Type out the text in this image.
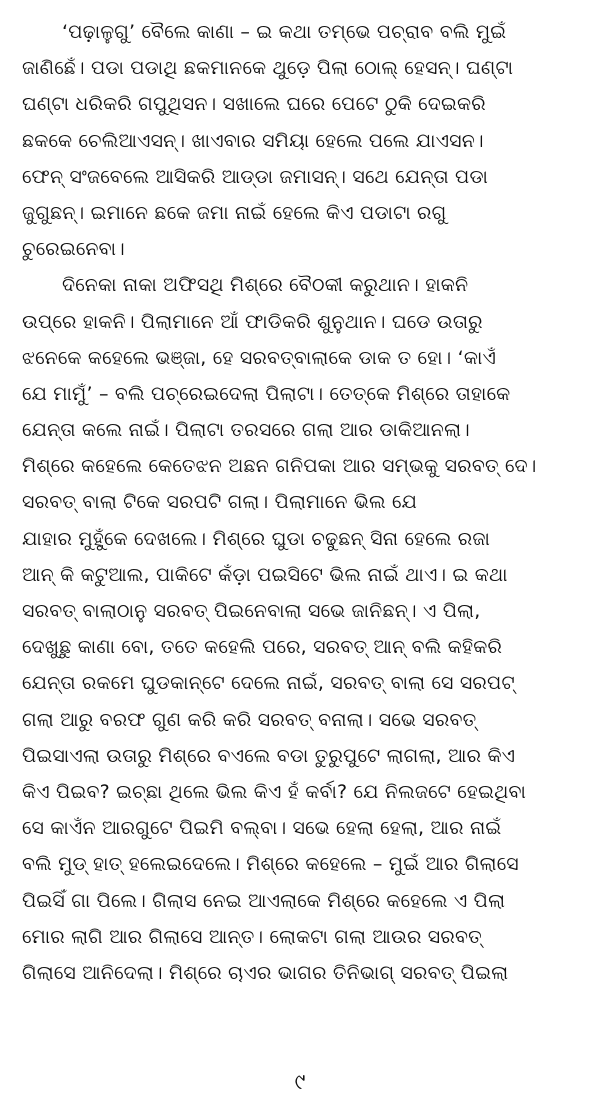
‘ପଢ଼ାଳୁଗୁ’ ବୈଲେ କାଣା – ଇ କଥା ତମ୍ଭେ ପଚ୍ରାବ ବଲି ମୁଇଁ
ଜାଣିଛେଁ। ପଡା ପଡାଥି ଛକମାନକେ ଥୁଡ଼େ ପିଲା ଠୋଲ୍ ହେସନ୍। ଘଣ୍ଟା
ଘଣ୍ଟା ଧରିକରି ଗପୁଥିସନ। ସଖାଲେ ଘରେ ପେଟେ ଠୁକି ଦେଇକରି
ଛକକେ ଚେଲିଆଏସନ୍। ଖାଏବାର ସମିୟା ହେଲେ ପଲେ ଯାଏସନ।
ଫେନ୍ ସଂଜବେଲେ ଆସିକରି ଆଡ୍ଡା ଜମାସନ୍। ସଥେ ଯେନ୍ତା ପଡା
ଜୁଗୁଛନ୍। ଇମାନେ ଛକେ ଜମା ନାଇଁ ହେଲେ କିଏ ପଡାଟା ରଗୁ
ଚୁରେଇନେବା।
ଦିନେକା ନାକା ଅଫିସଥି ମିଶ୍ରେ ବୈଠକୀ କରୁଥାନ। ହାକନି
ଉପ୍ରେ ହାକନି। ପିଲାମାନେ ଆଁ ଫାଡିକରି ଶୁନୁଥାନ। ଘଡେ ଉତାରୁ
ଝନେକେ କହେଲେ ଭଞ୍ଜା, ହେ ସରବତ୍‌ବାଲାକେ ଡାକ ତ ହୋ। ‘କାଏଁ
ଯେ ମାମୁଁ’ – ବଲି ପଚ୍ରେଇଦେଲା ପିଲାଟା। ତେତ୍‌କେ ମିଶ୍ରେ ତାହାକେ
ଯେନ୍ତା କଲେ ନାଇଁ। ପିଲାଟା ତରସରେ ଗଲା ଆର ଡାକିଆନଲା।
ମିଶ୍ରେ କହେଲେ କେତେଝନ ଅଛନ ଗନିପକା ଆର ସମ୍ଭକୁ ସରବତ୍ ଦେ।
ସରବତ୍ ବାଲା ଟିକେ ସରପଟି ଗଲା। ପିଲାମାନେ ଭିଲ ଯେ
ଯାହାର ମୁହୁଁକେ ଦେଖଲେ। ମିଶ୍ରେ ଘୁଡା ଚଢୁଛନ୍ ସିନା ହେଲେ ରଜା
ଆନ୍ କି କଟୁଆଲ, ପାକିଟେ କଁଡ଼ା ପଇସିଟେ ଭିଲ ନାଇଁ ଥାଏ। ଇ କଥା
ସରବତ୍ ବାଲାଠାନୁ ସରବତ୍ ପିଇନେବାଲା ସଭେ ଜାନିଛନ୍। ଏ ପିଲା,
ଦେଖୁଛୁ କାଣା ବୋ, ତତେ କହେଲି ପରେ, ସରବତ୍ ଆନ୍ ବଲି କହିକରି
ଯେନ୍ତା ରକମେ ଘୁଡକାନ୍‌ଟେ ଦେଲେ ନାଇଁ, ସରବତ୍ ବାଲା ସେ ସରପଟ୍
ଗଲା ଆରୁ ବରଫ ଗୁଣ କରି କରି ସରବତ୍ ବନାଲା। ସଭେ ସରବତ୍
ପିଇସାଏଲା ଉତାରୁ ମିଶ୍ରେ ବଏଲେ ବଡା ତୁରୁପୁଟେ ଲାଗଲା, ଆର କିଏ
କିଏ ପିଇବ? ଇଚ୍ଛା ଥିଲେ ଭିଲ କିଏ ହଁ କର୍ବା? ଯେ ନିଲଜଟେ ହେଇଥିବା
ସେ କାଏଁନ ଆରଗୁଟେ ପିଇମି ବଲ୍‌ବା। ସଭେ ହେଲା ହେଲା, ଆର ନାଇଁ
ବଲି ମୁଡ୍ ହାତ୍ ହଲେଇଦେଲେ। ମିଶ୍ରେ କହେଲେ – ମୁଇଁ ଆର ଗିଲାସେ
ପିଇସିଁ ଗା ପିଲେ। ଗିଲାସ ନେଇ ଆଏଲାକେ ମିଶ୍ରେ କହେଲେ ଏ ପିଲା
ମୋର ଲାଗି ଆର ଗିଲାସେ ଆନ୍ତ। ଲୋକଟା ଗଲା ଆଉର ସରବତ୍
ଗିଲାସେ ଆନିଦେଲା। ମିଶ୍ରେ ଚାଏର ଭାଗର ତିନିଭାଗ୍ ସରବତ୍ ପିଇଲା
୯
